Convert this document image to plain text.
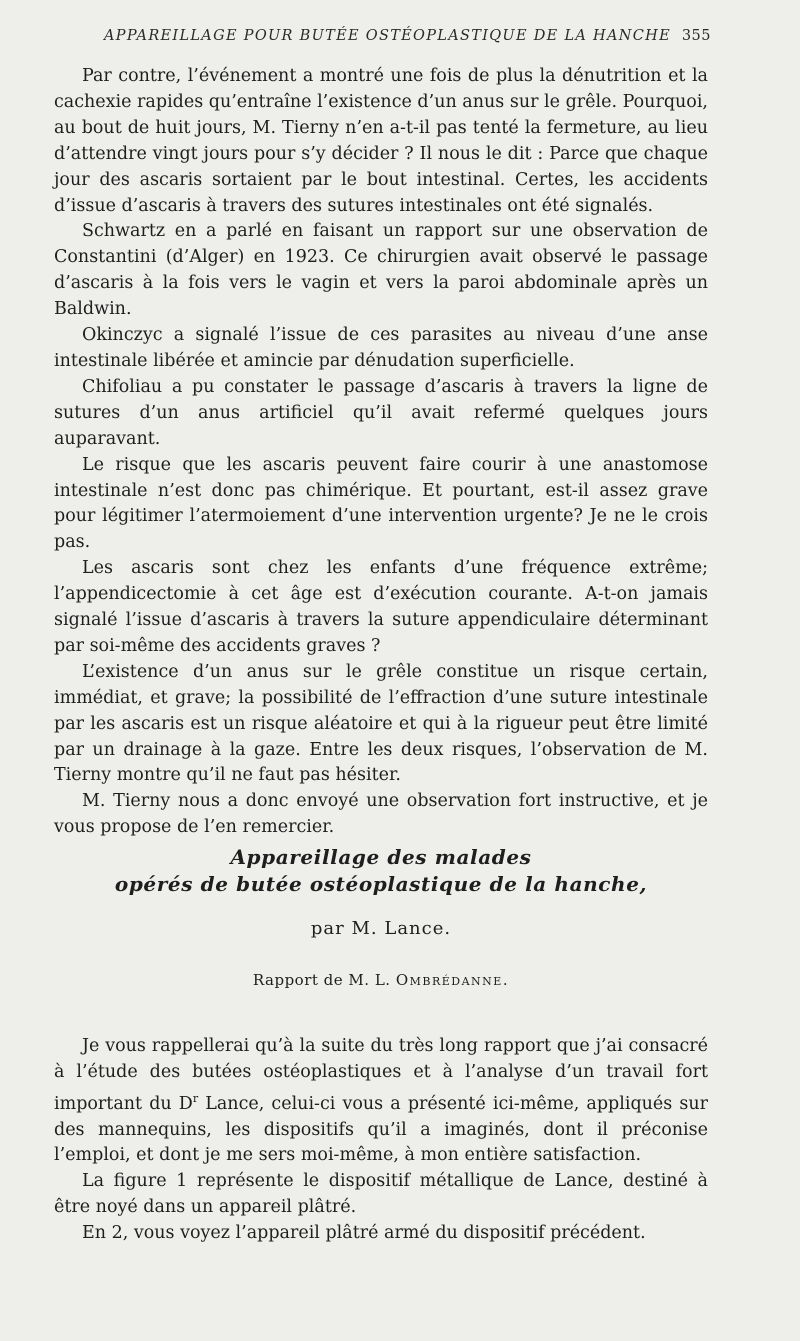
APPAREILLAGE POUR BUTÉE OSTÉOPLASTIQUE DE LA HANCHE 355

Par contre, l’événement a montré une fois de plus la dénutrition et la cachexie rapides qu’entraîne l’existence d’un anus sur le grêle. Pourquoi, au bout de huit jours, M. Tierny n’en a-t-il pas tenté la fermeture, au lieu d’attendre vingt jours pour s’y décider ? Il nous le dit : Parce que chaque jour des ascaris sortaient par le bout intestinal. Certes, les accidents d’issue d’ascaris à travers des sutures intestinales ont été signalés.

Schwartz en a parlé en faisant un rapport sur une observation de Constantini (d’Alger) en 1923. Ce chirurgien avait observé le passage d’ascaris à la fois vers le vagin et vers la paroi abdominale après un Baldwin.

Okinczyc a signalé l’issue de ces parasites au niveau d’une anse intestinale libérée et amincie par dénudation superficielle.

Chifoliau a pu constater le passage d’ascaris à travers la ligne de sutures d’un anus artificiel qu’il avait refermé quelques jours auparavant.

Le risque que les ascaris peuvent faire courir à une anastomose intestinale n’est donc pas chimérique. Et pourtant, est-il assez grave pour légitimer l’atermoiement d’une intervention urgente? Je ne le crois pas.

Les ascaris sont chez les enfants d’une fréquence extrême; l’appendicectomie à cet âge est d’exécution courante. A-t-on jamais signalé l’issue d’ascaris à travers la suture appendiculaire déterminant par soi-même des accidents graves ?

L’existence d’un anus sur le grêle constitue un risque certain, immédiat, et grave; la possibilité de l’effraction d’une suture intestinale par les ascaris est un risque aléatoire et qui à la rigueur peut être limité par un drainage à la gaze. Entre les deux risques, l’observation de M. Tierny montre qu’il ne faut pas hésiter.

M. Tierny nous a donc envoyé une observation fort instructive, et je vous propose de l’en remercier.

Appareillage des malades
opérés de butée ostéoplastique de la hanche,
par M. Lance.
Rapport de M. L. Ombrédanne.

Je vous rappellerai qu’à la suite du très long rapport que j’ai consacré à l’étude des butées ostéoplastiques et à l’analyse d’un travail fort important du $D^r$ Lance, celui-ci vous a présenté ici-même, appliqués sur des mannequins, les dispositifs qu’il a imaginés, dont il préconise l’emploi, et dont je me sers moi-même, à mon entière satisfaction.

La figure 1 représente le dispositif métallique de Lance, destiné à être noyé dans un appareil plâtré.

En 2, vous voyez l’appareil plâtré armé du dispositif précédent.
